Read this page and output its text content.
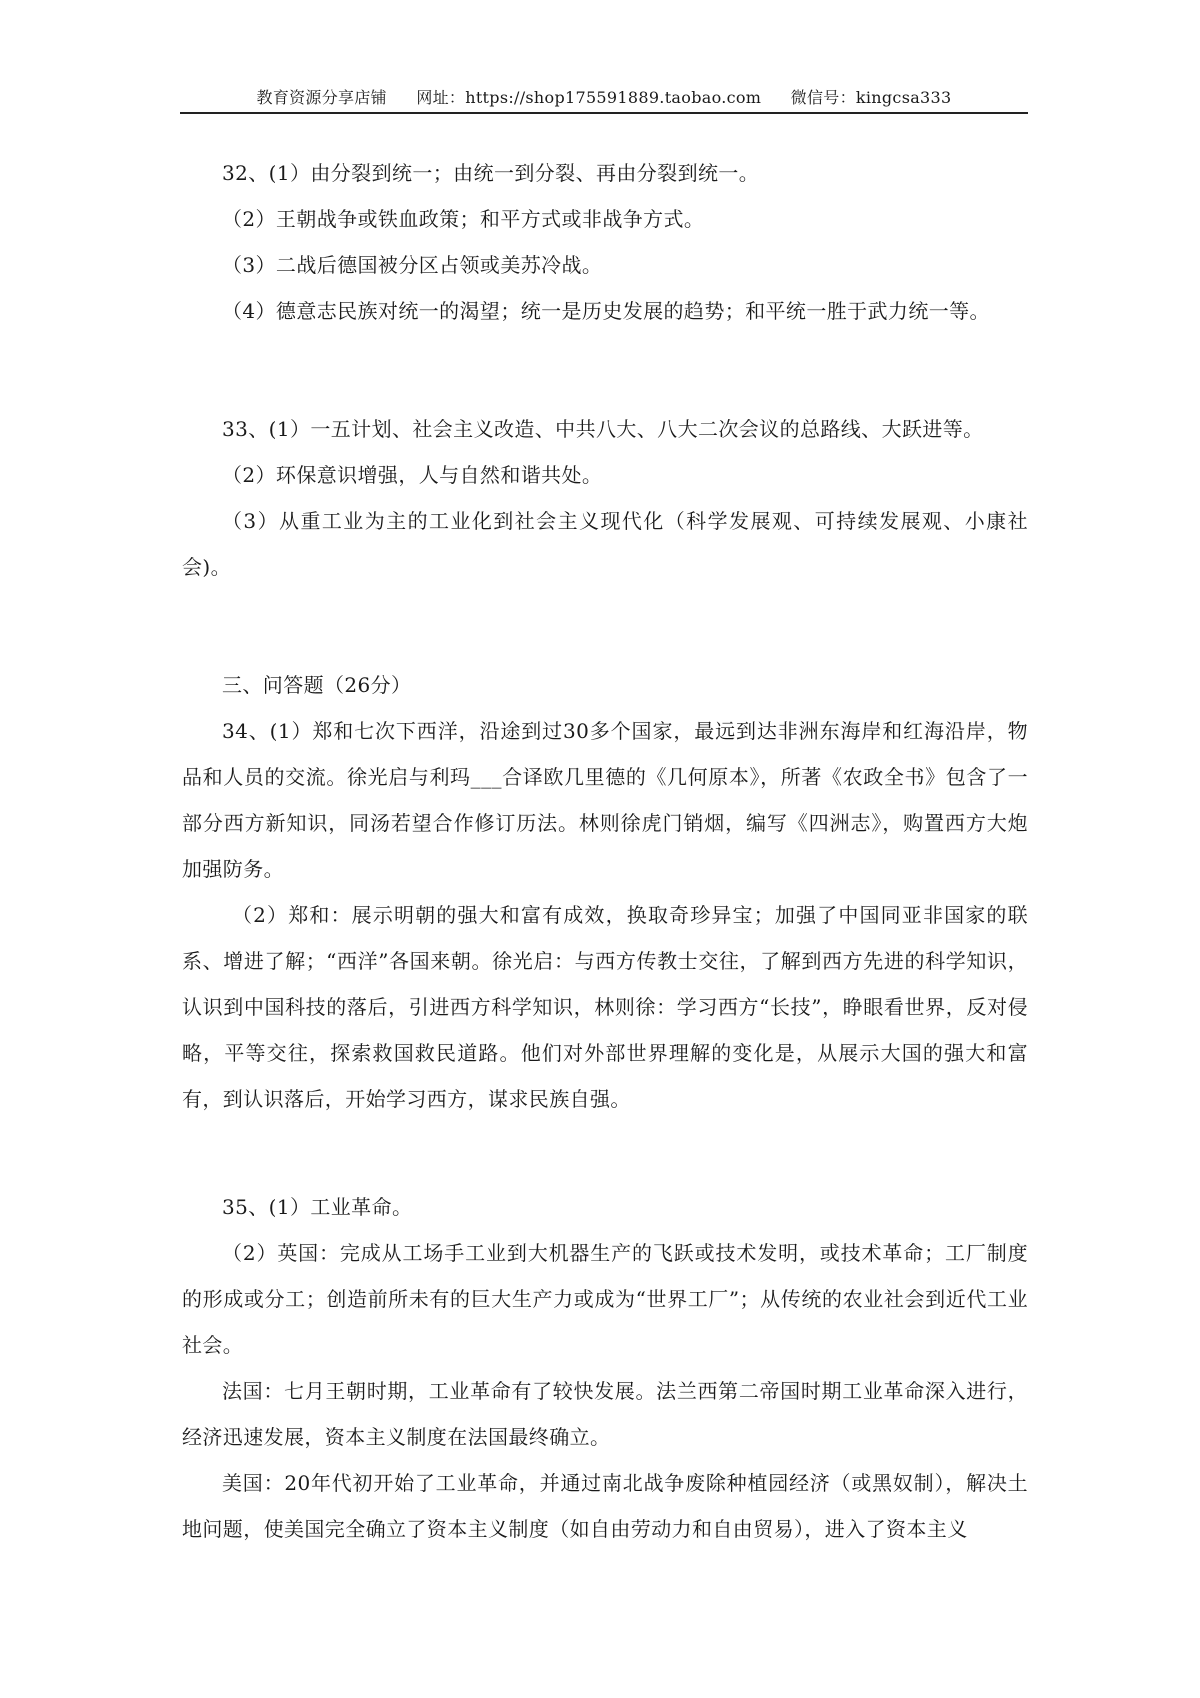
教育资源分享店铺 网址：https://shop175591889.taobao.com 微信号：kingcsa333

32、(1）由分裂到统一；由统一到分裂、再由分裂到统一。

（2）王朝战争或铁血政策；和平方式或非战争方式。

（3）二战后德国被分区占领或美苏冷战。

（4）德意志民族对统一的渴望；统一是历史发展的趋势；和平统一胜于武力统一等。

33、(1）一五计划、社会主义改造、中共八大、八大二次会议的总路线、大跃进等。

（2）环保意识增强，人与自然和谐共处。

（3）从重工业为主的工业化到社会主义现代化（科学发展观、可持续发展观、小康社会)。

三、问答题（26分）

34、(1）郑和七次下西洋，沿途到过30多个国家，最远到达非洲东海岸和红海沿岸，物品和人员的交流。徐光启与利玛___合译欧几里德的《几何原本》，所著《农政全书》包含了一部分西方新知识，同汤若望合作修订历法。林则徐虎门销烟，编写《四洲志》，购置西方大炮加强防务。

（2）郑和：展示明朝的强大和富有成效，换取奇珍异宝；加强了中国同亚非国家的联系、增进了解；“西洋”各国来朝。徐光启：与西方传教士交往，了解到西方先进的科学知识，认识到中国科技的落后，引进西方科学知识，林则徐：学习西方“长技”，睁眼看世界，反对侵略，平等交往，探索救国救民道路。他们对外部世界理解的变化是，从展示大国的强大和富有，到认识落后，开始学习西方，谋求民族自强。

35、(1）工业革命。

（2）英国：完成从工场手工业到大机器生产的飞跃或技术发明，或技术革命；工厂制度的形成或分工；创造前所未有的巨大生产力或成为“世界工厂”；从传统的农业社会到近代工业社会。

法国：七月王朝时期，工业革命有了较快发展。法兰西第二帝国时期工业革命深入进行，经济迅速发展，资本主义制度在法国最终确立。

美国：20年代初开始了工业革命，并通过南北战争废除种植园经济（或黑奴制），解决土地问题，使美国完全确立了资本主义制度（如自由劳动力和自由贸易），进入了资本主义
